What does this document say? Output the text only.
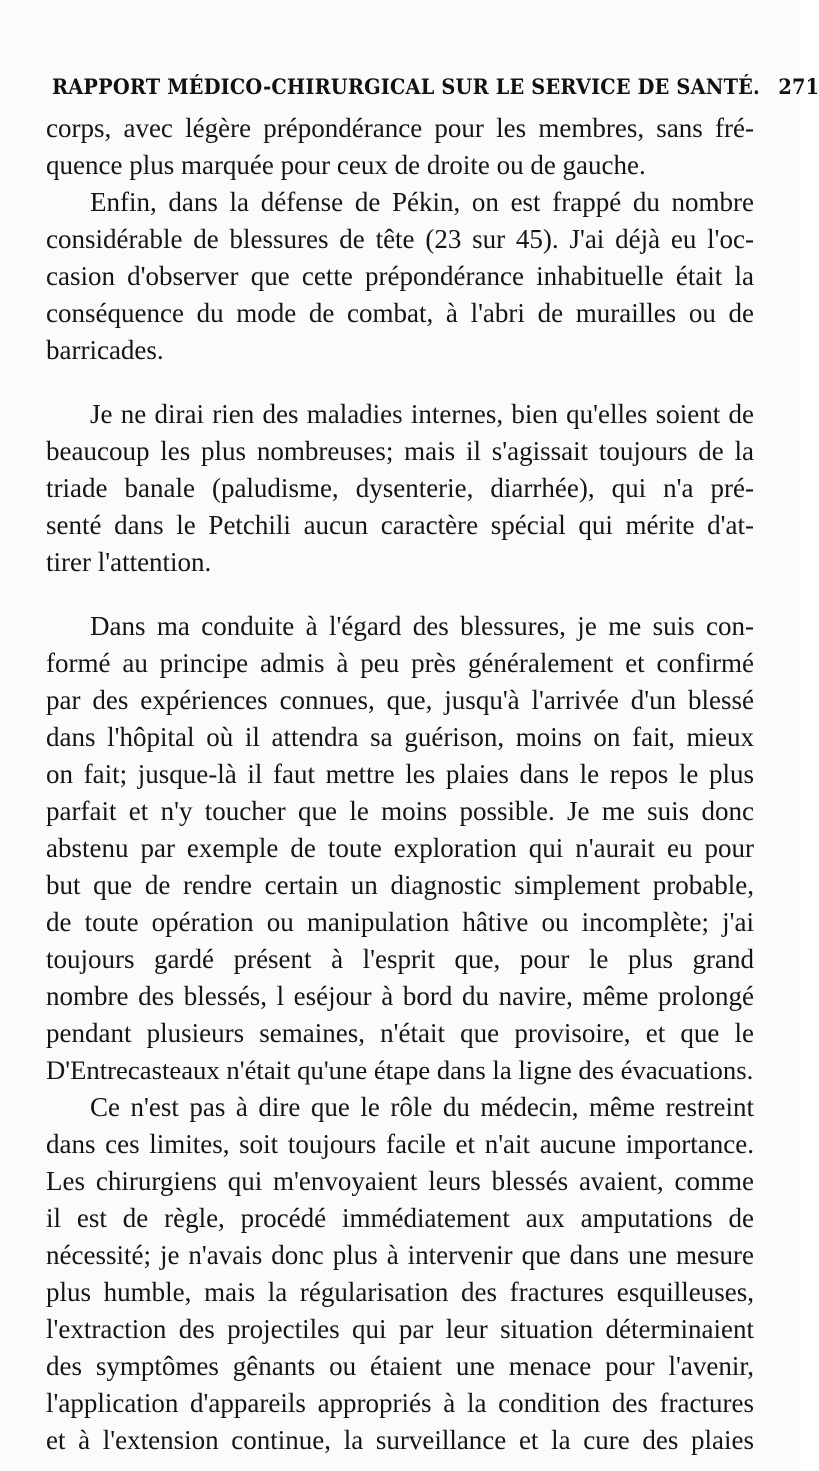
RAPPORT MÉDICO-CHIRURGICAL SUR LE SERVICE DE SANTÉ. 271
corps, avec légère prépondérance pour les membres, sans fré-
quence plus marquée pour ceux de droite ou de gauche.
Enfin, dans la défense de Pékin, on est frappé du nombre
considérable de blessures de tête (23 sur 45). J'ai déjà eu l'oc-
casion d'observer que cette prépondérance inhabituelle était la
conséquence du mode de combat, à l'abri de murailles ou de
barricades.
Je ne dirai rien des maladies internes, bien qu'elles soient de
beaucoup les plus nombreuses; mais il s'agissait toujours de la
triade banale (paludisme, dysenterie, diarrhée), qui n'a pré-
senté dans le Petchili aucun caractère spécial qui mérite d'at-
tirer l'attention.
Dans ma conduite à l'égard des blessures, je me suis con-
formé au principe admis à peu près généralement et confirmé
par des expériences connues, que, jusqu'à l'arrivée d'un blessé
dans l'hôpital où il attendra sa guérison, moins on fait, mieux
on fait; jusque-là il faut mettre les plaies dans le repos le plus
parfait et n'y toucher que le moins possible. Je me suis donc
abstenu par exemple de toute exploration qui n'aurait eu pour
but que de rendre certain un diagnostic simplement probable,
de toute opération ou manipulation hâtive ou incomplète; j'ai
toujours gardé présent à l'esprit que, pour le plus grand
nombre des blessés, l eséjour à bord du navire, même prolongé
pendant plusieurs semaines, n'était que provisoire, et que le
D'Entrecasteaux n'était qu'une étape dans la ligne des évacuations.
Ce n'est pas à dire que le rôle du médecin, même restreint
dans ces limites, soit toujours facile et n'ait aucune importance.
Les chirurgiens qui m'envoyaient leurs blessés avaient, comme
il est de règle, procédé immédiatement aux amputations de
nécessité; je n'avais donc plus à intervenir que dans une mesure
plus humble, mais la régularisation des fractures esquilleuses,
l'extraction des projectiles qui par leur situation déterminaient
des symptômes gênants ou étaient une menace pour l'avenir,
l'application d'appareils appropriés à la condition des fractures
et à l'extension continue, la surveillance et la cure des plaies
